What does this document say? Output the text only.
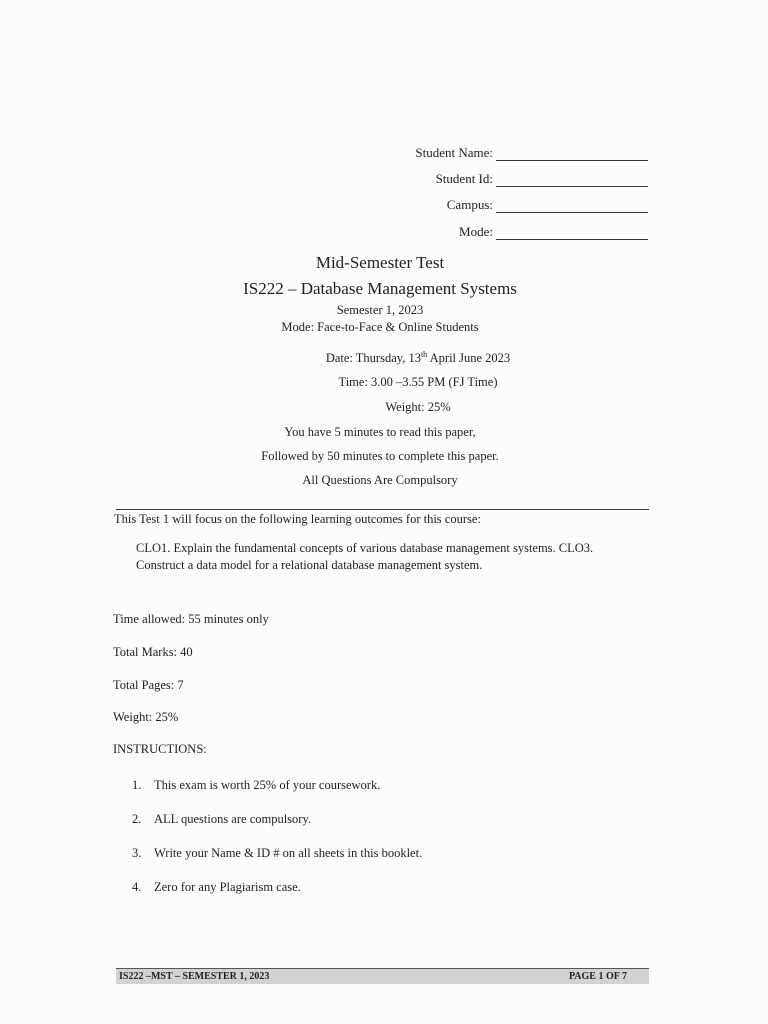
Student Name:
Student Id:
Campus:
Mode:
Mid-Semester Test
IS222 – Database Management Systems
Semester 1, 2023
Mode: Face-to-Face & Online Students
Date: Thursday, 13th April June 2023
Time: 3.00 –3.55 PM (FJ Time)
Weight: 25%
You have 5 minutes to read this paper,
Followed by 50 minutes to complete this paper.
All Questions Are Compulsory
This Test 1 will focus on the following learning outcomes for this course:
CLO1. Explain the fundamental concepts of various database management systems. CLO3.
Construct a data model for a relational database management system.
Time allowed: 55 minutes only
Total Marks: 40
Total Pages: 7
Weight: 25%
INSTRUCTIONS:
1. This exam is worth 25% of your coursework.
2. ALL questions are compulsory.
3. Write your Name & ID # on all sheets in this booklet.
4. Zero for any Plagiarism case.
IS222 –MST – SEMESTER 1, 2023	PAGE 1 OF 7
